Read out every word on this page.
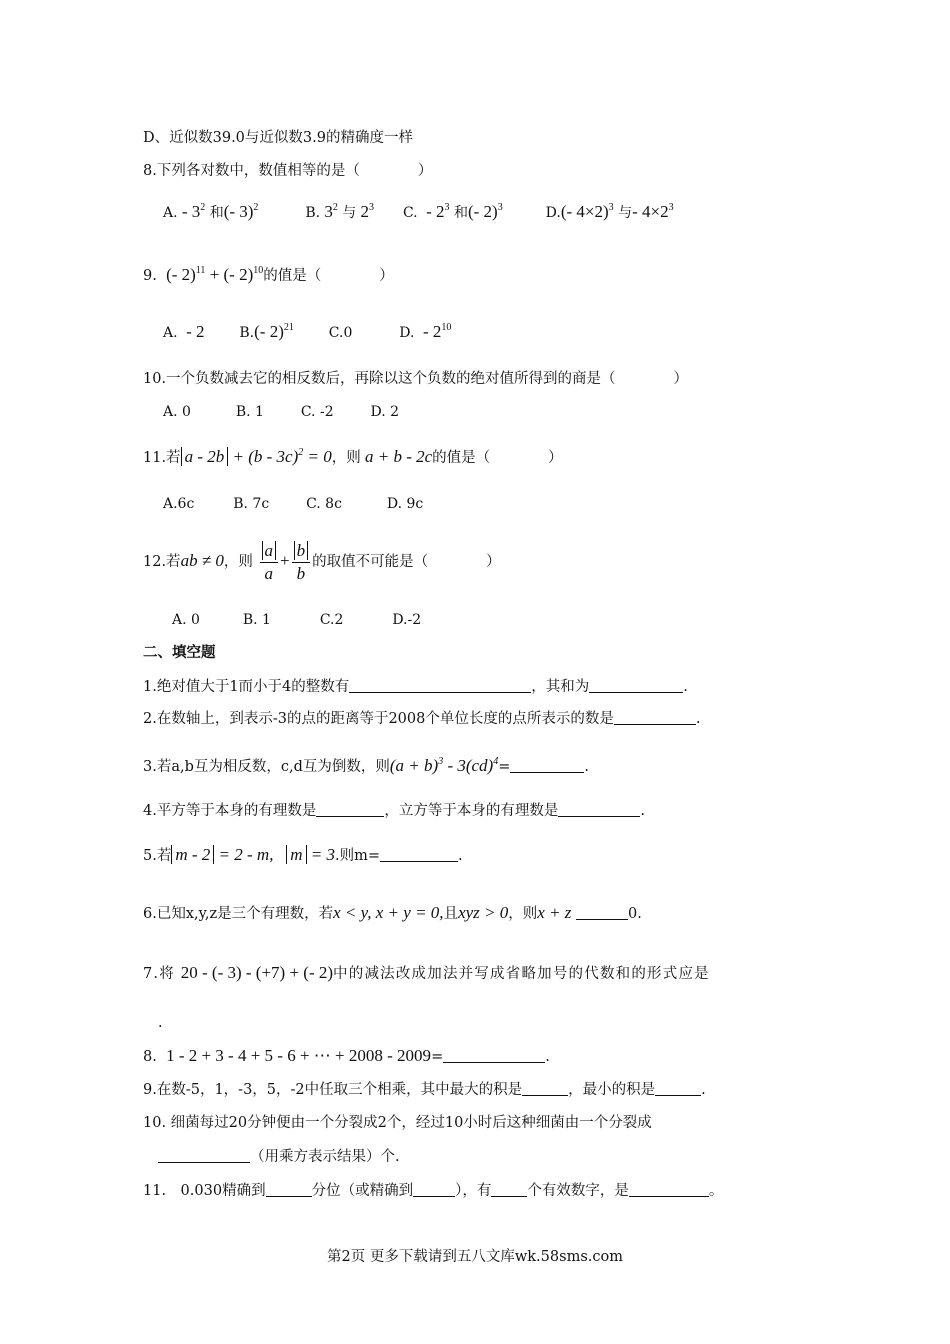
D、近似数39.0与近似数3.9的精确度一样
8.下列各对数中，数值相等的是（　　　　）
A. - $3^2$ 和(- 3)$^2$	B. $3^2$ 与 $2^3$ C.  - $2^3$ 和(- 2)$^3$	D.(- 4×2)$^3$ 与- $4\times 2^3$
9. (- 2)$^{11}$ + (- 2)$^{10}$的值是（　　　　）
A.  - 2 B.(- 2)$^{21}$ C.0	D.  - $2^{10}$
10.一个负数减去它的相反数后，再除以这个负数的绝对值所得到的商是（　　　　）
A. 0	B. 1	C. -2	D. 2
11.若 a - 2b + (b - 3c)$^2$ = 0，则 a + b - 2c的值是（　　　　）
A.6c	B. 7c	C. 8c	D. 9c
12.若ab ≠ 0，则 $\frac{a}{a} + \frac{b}{b}$ 的取值不可能是（　　　　）
A. 0	B. 1	C.2	D.-2
二、填空题
1.绝对值大于1而小于4的整数有	，其和为	.
2.在数轴上，到表示-3的点的距离等于2008个单位长度的点所表示的数是	.
3.若a,b互为相反数，c,d互为倒数，则$(a + b)^3 - 3(cd)^4=$	.
4.平方等于本身的有理数是	，立方等于本身的有理数是	.
5.若 m - 2 = 2 - m,   m = 3.则m=	.
6.已知x,y,z是三个有理数，若x < y, x + y = 0,且xyz > 0，则x + z	0.
7.将 20 - (- 3) - (+7) + (- 2)中的减法改成加法并写成省略加号的代数和的形式应是
.
8. 1 - 2 + 3 - 4 + 5 - 6 + ⋯ + 2008 - 2009=	.
9.在数-5，1，-3，5，-2中任取三个相乘，其中最大的积是	，最小的积是	.
10. 细菌每过20分钟便由一个分裂成2个，经过10小时后这种细菌由一个分裂成
（用乘方表示结果）个.
11.　0.030精确到	分位（或精确到	），有 个有效数字，是	。
第2页 更多下载请到五八文库wk.58sms.com
